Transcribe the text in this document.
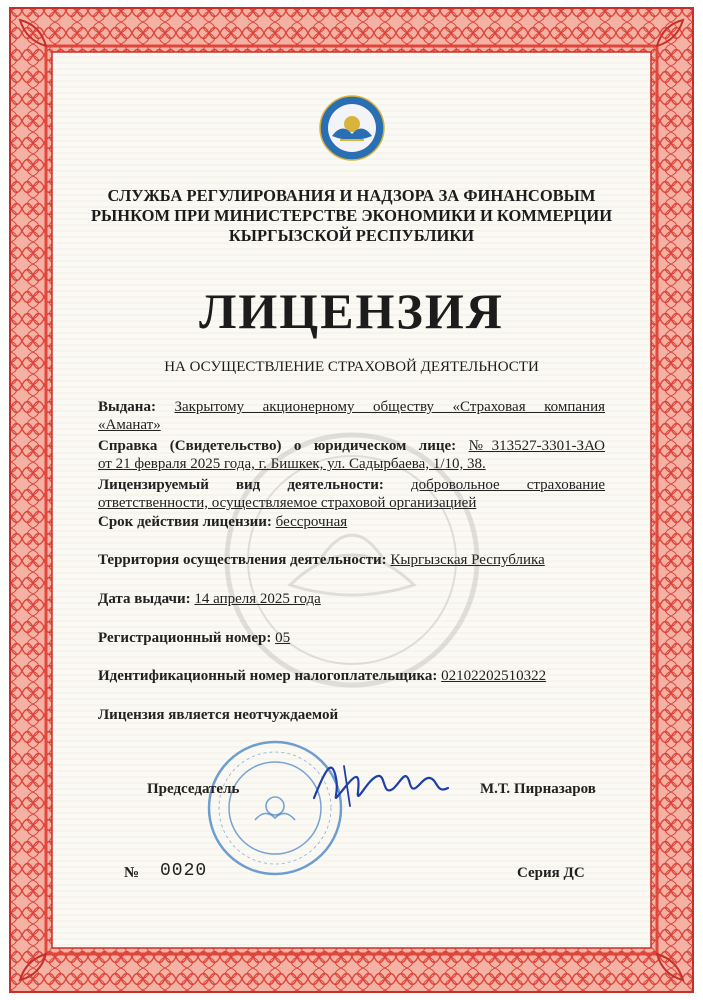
СЛУЖБА РЕГУЛИРОВАНИЯ И НАДЗОРА ЗА ФИНАНСОВЫМ
РЫНКОМ ПРИ МИНИСТЕРСТВЕ ЭКОНОМИКИ И КОММЕРЦИИ
КЫРГЫЗСКОЙ РЕСПУБЛИКИ
ЛИЦЕНЗИЯ
НА ОСУЩЕСТВЛЕНИЕ СТРАХОВОЙ ДЕЯТЕЛЬНОСТИ
Выдана: Закрытому акционерному обществу «Страховая компания
«Аманат»
Справка (Свидетельство) о юридическом лице: №313527-3301-ЗАО
от 21 февраля 2025 года, г. Бишкек, ул. Садырбаева, 1/10, 38.
Лицензируемый вид деятельности: добровольное страхование
ответственности, осуществляемое страховой организацией
Срок действия лицензии: бессрочная
Территория осуществления деятельности: Кыргызская Республика
Дата выдачи: 14 апреля 2025 года
Регистрационный номер: 05
Идентификационный номер налогоплательщика: 02102202510322
Лицензия является неотчуждаемой
Председатель	М.Т. Пирназаров
№ 0020	Серия ДС
